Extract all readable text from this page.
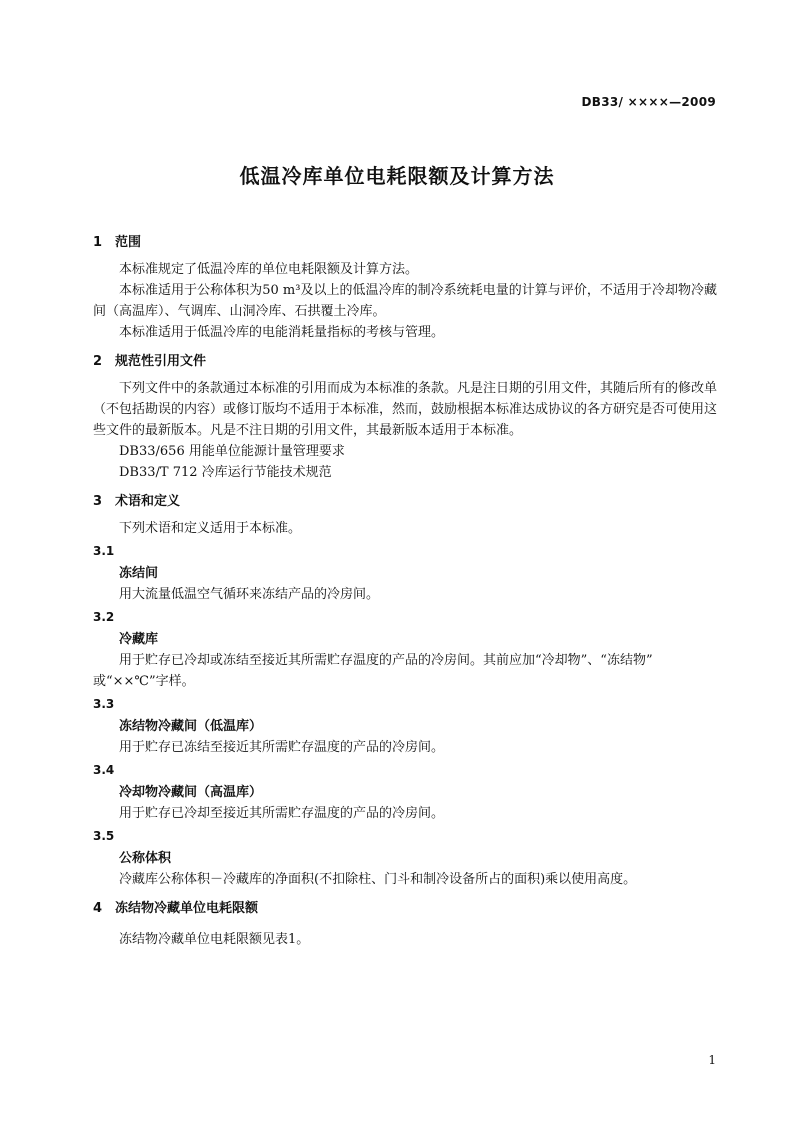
DB33/ ××××—2009
低温冷库单位电耗限额及计算方法
1 范围

本标准规定了低温冷库的单位电耗限额及计算方法。

本标准适用于公称体积为50 m³及以上的低温冷库的制冷系统耗电量的计算与评价，不适用于冷却物冷藏间（高温库）、气调库、山洞冷库、石拱覆土冷库。

本标准适用于低温冷库的电能消耗量指标的考核与管理。

2 规范性引用文件

下列文件中的条款通过本标准的引用而成为本标准的条款。凡是注日期的引用文件，其随后所有的修改单（不包括勘误的内容）或修订版均不适用于本标准，然而，鼓励根据本标准达成协议的各方研究是否可使用这些文件的最新版本。凡是不注日期的引用文件，其最新版本适用于本标准。

DB33/656 用能单位能源计量管理要求

DB33/T 712 冷库运行节能技术规范

3 术语和定义

下列术语和定义适用于本标准。

3.1
冻结间

用大流量低温空气循环来冻结产品的冷房间。

3.2
冷藏库

用于贮存已冷却或冻结至接近其所需贮存温度的产品的冷房间。其前应加“冷却物”、“冻结物”

或“××℃”字样。

3.3
冻结物冷藏间（低温库）

用于贮存已冻结至接近其所需贮存温度的产品的冷房间。

3.4
冷却物冷藏间（高温库）

用于贮存已冷却至接近其所需贮存温度的产品的冷房间。

3.5
公称体积

冷藏库公称体积－冷藏库的净面积(不扣除柱、门斗和制冷设备所占的面积)乘以使用高度。

4 冻结物冷藏单位电耗限额

冻结物冷藏单位电耗限额见表1。

1
